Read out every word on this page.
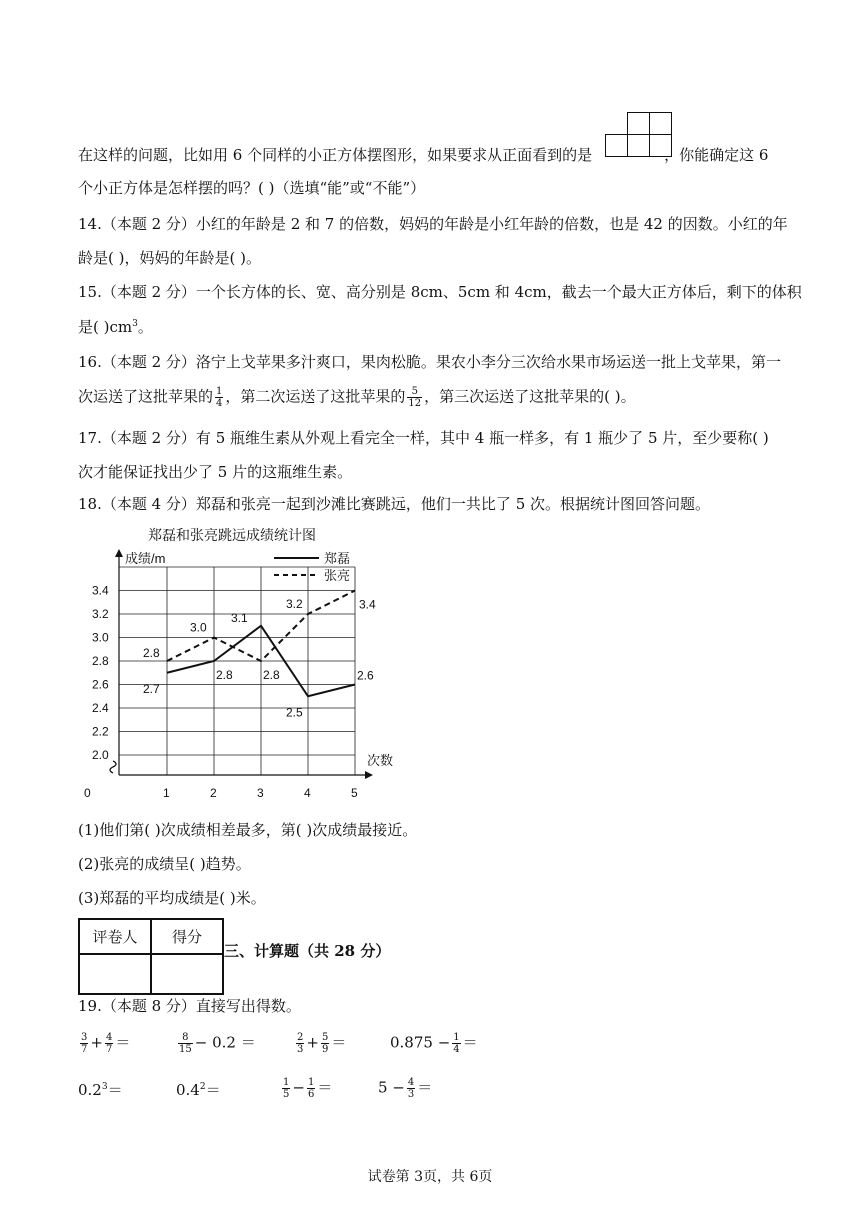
在这样的问题，比如用 6 个同样的小正方体摆图形，如果要求从正面看到的是	，你能确定这 6
个小正方体是怎样摆的吗？( )（选填“能”或“不能”）
14.（本题 2 分）小红的年龄是 2 和 7 的倍数，妈妈的年龄是小红年龄的倍数，也是 42 的因数。小红的年
龄是( )，妈妈的年龄是( )。
15.（本题 2 分）一个长方体的长、宽、高分别是 8cm、5cm 和 4cm，截去一个最大正方体后，剩下的体积
是( )$cm^3$。
16.（本题 2 分）洛宁上戈苹果多汁爽口，果肉松脆。果农小李分三次给水果市场运送一批上戈苹果，第一
次运送了这批苹果的 $\frac{1}{4}$ ，第二次运送了这批苹果的 $\frac{5}{12}$ ，第三次运送了这批苹果的( )。
17.（本题 2 分）有 5 瓶维生素从外观上看完全一样，其中 4 瓶一样多，有 1 瓶少了 5 片，至少要称( )
次才能保证找出少了 5 片的这瓶维生素。
18.（本题 4 分）郑磊和张亮一起到沙滩比赛跳远，他们一共比了 5 次。根据统计图回答问题。
郑磊和张亮跳远成绩统计图
成绩/m
次数
2.0
2.2
2.4
2.6
2.8
3.0
3.2
3.4
0	1	2	3	4	5
郑磊
张亮
2.7
2.8
3.1
2.5
2.6
2.8
3.0
2.8
3.2	3.4
(1)他们第( )次成绩相差最多，第( )次成绩最接近。
(2)张亮的成绩呈( )趋势。
(3)郑磊的平均成绩是( )米。
评卷人	得分

三、计算题（共 28 分）
19.（本题 8 分）直接写出得数。
$\frac{3}{7} + \frac{4}{7}$ ＝	$\frac{8}{15} - 0.2$ ＝	$\frac{2}{3} + \frac{5}{9}$ ＝	$0.875 - \frac{1}{4}$ ＝
$0.2^3=$	$0.4^2=$	$\frac{1}{5} - \frac{1}{6}$ ＝	$5 - \frac{4}{3}$ ＝
试卷第 3页，共 6页
